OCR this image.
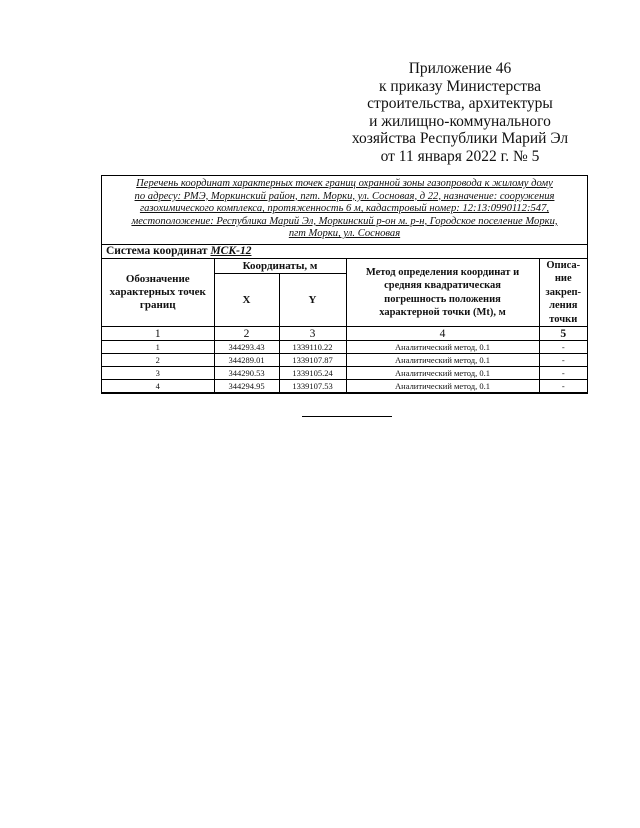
Приложение 46
к приказу Министерства
строительства, архитектуры
и жилищно-коммунального
хозяйства Республики Марий Эл
от 11 января 2022 г. № 5
Перечень координат характерных точек границ охранной зоны газопровода к жилому дому
по адресу: РМЭ, Моркинский район, пгт. Морки, ул. Сосновая, д 22, назначение: сооружения
газохимического комплекса, протяженность 6 м, кадастровый номер: 12:13:0990112:547,
местоположение: Республика Марий Эл, Моркинский р-он м. р-н, Городское поселение Морки,
пгт Морки, ул. Сосновая
Система координат МСК-12				
Обозначение характерных точек границ	Координаты, м		Метод определения координат и средняя квадратическая погрешность положения характерной точки (Mt), м	Описа-ние закреп-ления точки
	X	Y		
1	2	3	4	5
1	344293.43	1339110.22	Аналитический метод, 0.1	-
2	344289.01	1339107.87	Аналитический метод, 0.1	-
3	344290.53	1339105.24	Аналитический метод, 0.1	-
4	344294.95	1339107.53	Аналитический метод, 0.1	-
